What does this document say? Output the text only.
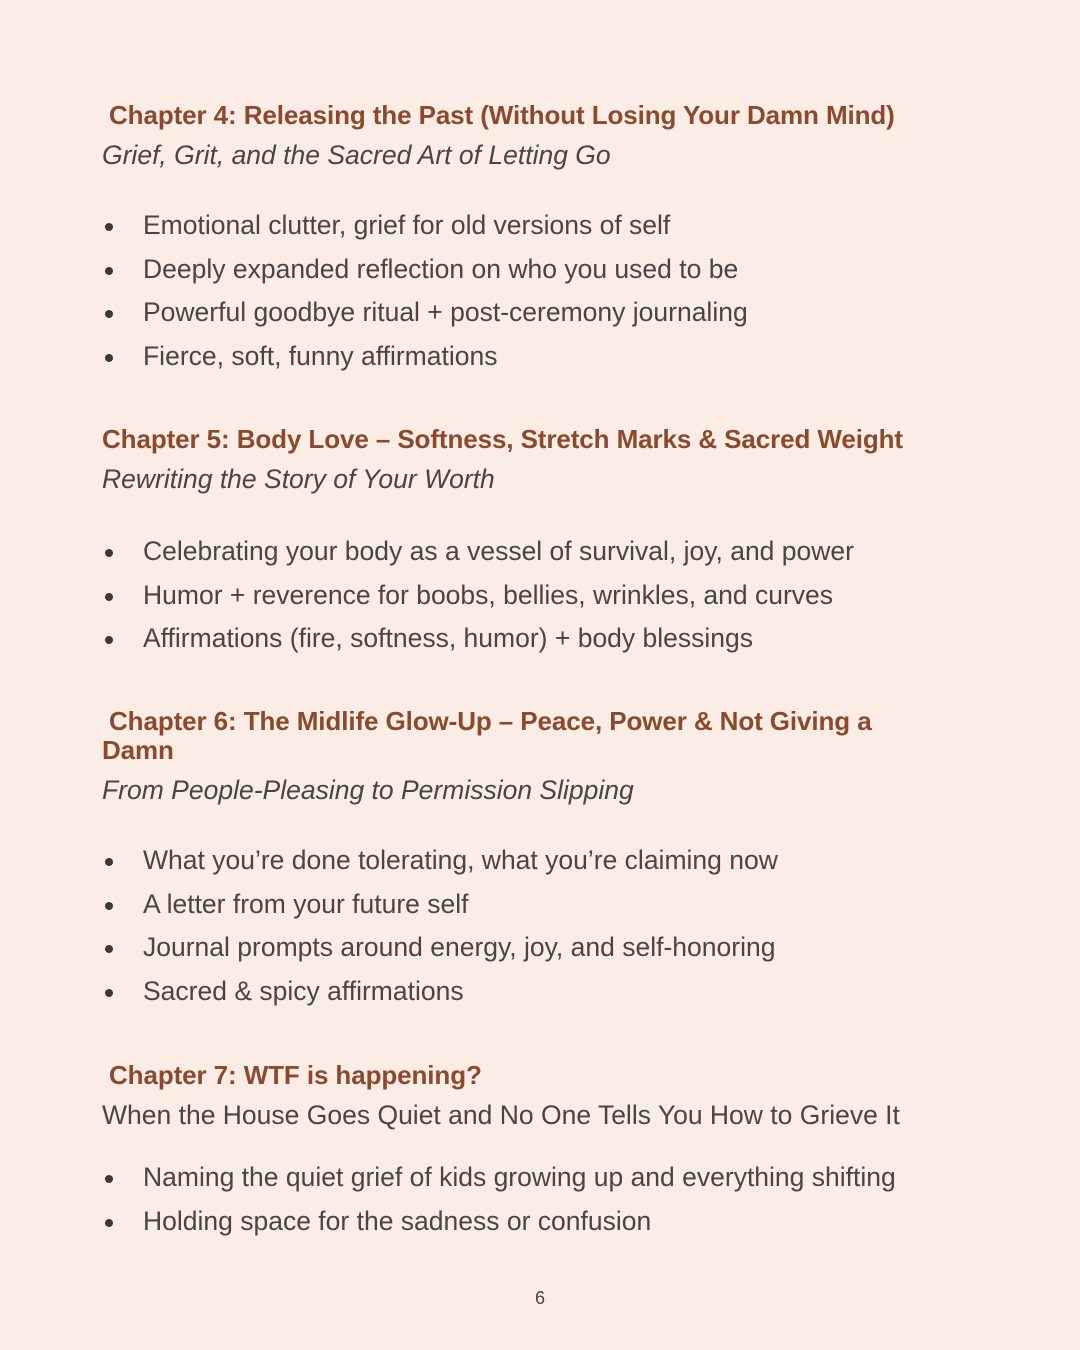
Chapter 4: Releasing the Past (Without Losing Your Damn Mind)

Grief, Grit, and the Sacred Art of Letting Go

Emotional clutter, grief for old versions of self
Deeply expanded reflection on who you used to be
Powerful goodbye ritual + post-ceremony journaling
Fierce, soft, funny affirmations
Chapter 5: Body Love – Softness, Stretch Marks & Sacred Weight

Rewriting the Story of Your Worth

Celebrating your body as a vessel of survival, joy, and power
Humor + reverence for boobs, bellies, wrinkles, and curves
Affirmations (fire, softness, humor) + body blessings
Chapter 6: The Midlife Glow-Up – Peace, Power & Not Giving a Damn

From People-Pleasing to Permission Slipping

What you’re done tolerating, what you’re claiming now
A letter from your future self
Journal prompts around energy, joy, and self-honoring
Sacred & spicy affirmations
Chapter 7: WTF is happening?

When the House Goes Quiet and No One Tells You How to Grieve It

Naming the quiet grief of kids growing up and everything shifting
Holding space for the sadness or confusion
6
